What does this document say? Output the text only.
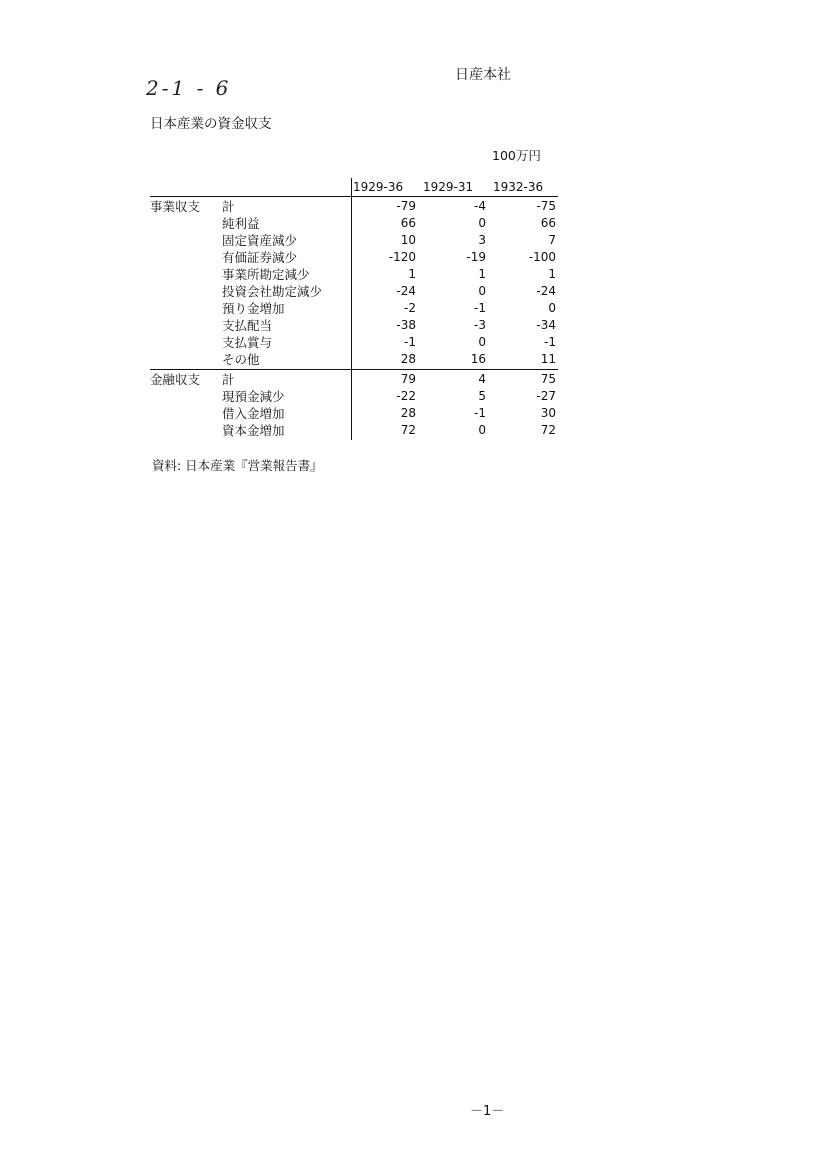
日産本社
2-1 - 6
日本産業の資金収支
100万円
1929-36 1929-31 1932-36
事業収支 計	-79	-4	-75
純利益	66	0	66
固定資産減少	10	3	7
有価証券減少	-120	-19	-100
事業所勘定減少	1	1	1
投資会社勘定減少	-24	0	-24
預り金増加	-2	-1	0
支払配当	-38	-3	-34
支払賞与	-1	0	-1
その他	28	16	11
金融収支 計	79	4	75
現預金減少	-22	5	-27
借入金増加	28	-1	30
資本金増加	72	0	72
資料: 日本産業『営業報告書』
－1－
